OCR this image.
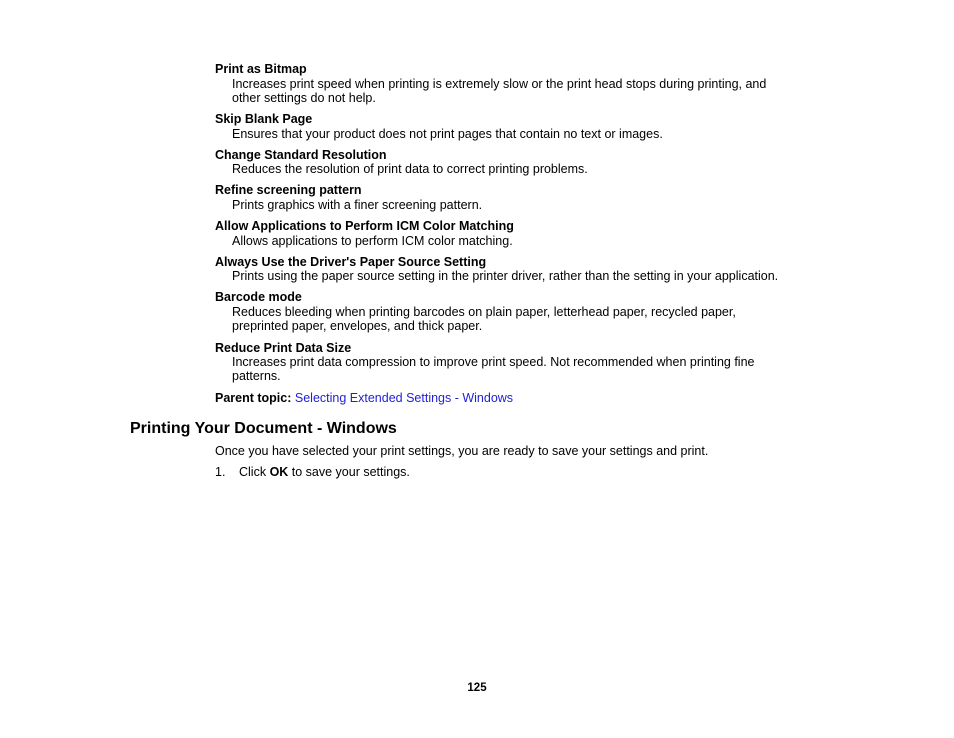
Print as Bitmap
Increases print speed when printing is extremely slow or the print head stops during printing, and
other settings do not help.
Skip Blank Page
Ensures that your product does not print pages that contain no text or images.
Change Standard Resolution
Reduces the resolution of print data to correct printing problems.
Refine screening pattern
Prints graphics with a finer screening pattern.
Allow Applications to Perform ICM Color Matching
Allows applications to perform ICM color matching.
Always Use the Driver's Paper Source Setting
Prints using the paper source setting in the printer driver, rather than the setting in your application.
Barcode mode
Reduces bleeding when printing barcodes on plain paper, letterhead paper, recycled paper,
preprinted paper, envelopes, and thick paper.
Reduce Print Data Size
Increases print data compression to improve print speed. Not recommended when printing fine
patterns.
Parent topic: Selecting Extended Settings - Windows
Printing Your Document - Windows
Once you have selected your print settings, you are ready to save your settings and print.
1. Click OK to save your settings.
125
